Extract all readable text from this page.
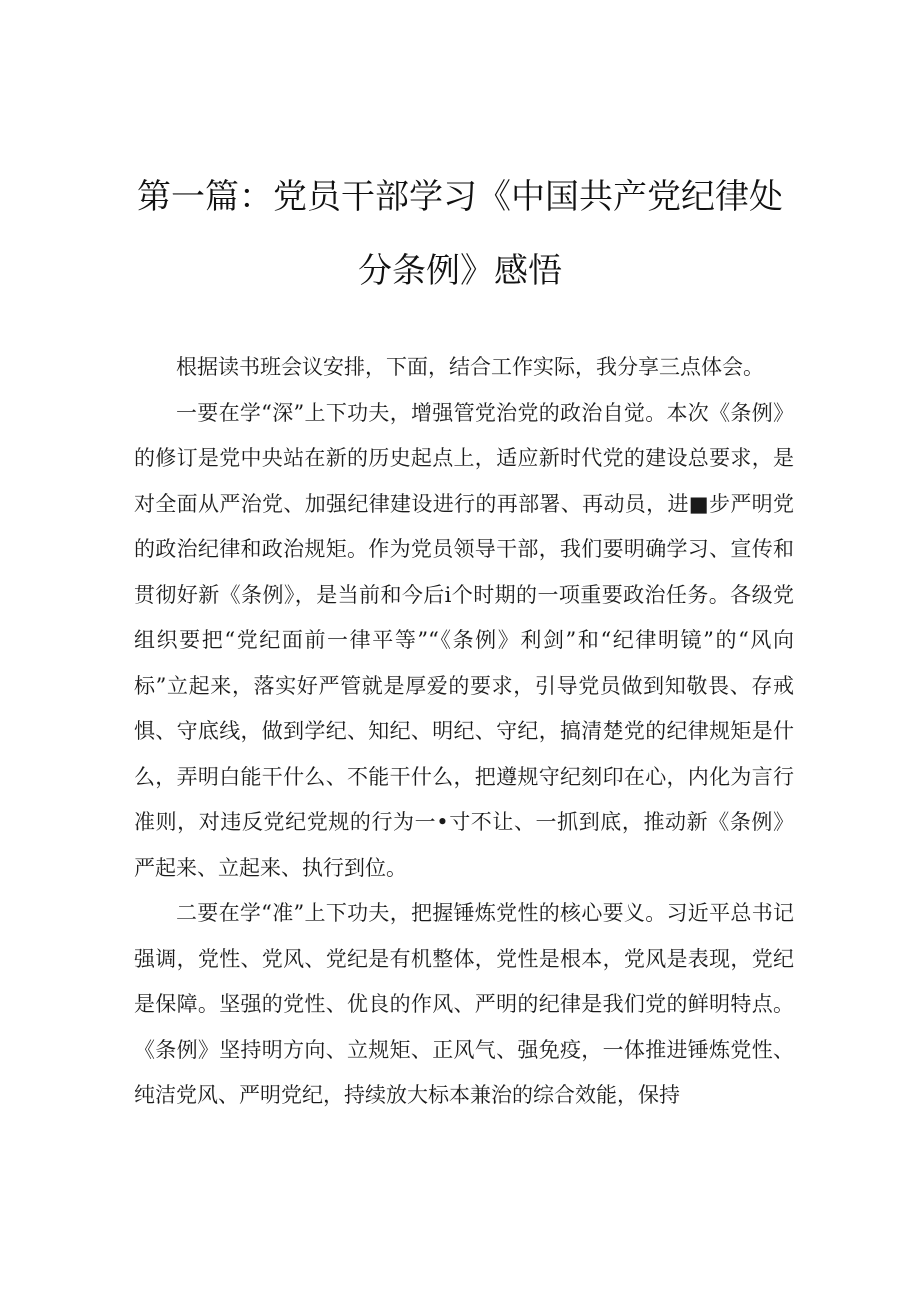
第一篇：党员干部学习《中国共产党纪律处
分条例》感悟

根据读书班会议安排，下面，结合工作实际，我分享三点体会。

一要在学“深”上下功夫，增强管党治党的政治自觉。本次《条例》的修订是党中央站在新的历史起点上，适应新时代党的建设总要求，是对全面从严治党、加强纪律建设进行的再部署、再动员，进■步严明党的政治纪律和政治规矩。作为党员领导干部，我们要明确学习、宣传和贯彻好新《条例》，是当前和今后i个时期的一项重要政治任务。各级党组织要把“党纪面前一律平等”“《条例》利剑”和“纪律明镜”的“风向标”立起来，落实好严管就是厚爱的要求，引导党员做到知敬畏、存戒惧、守底线，做到学纪、知纪、明纪、守纪，搞清楚党的纪律规矩是什么，弄明白能干什么、不能干什么，把遵规守纪刻印在心，内化为言行准则，对违反党纪党规的行为一•寸不让、一抓到底，推动新《条例》严起来、立起来、执行到位。

二要在学“准”上下功夫，把握锤炼党性的核心要义。习近平总书记强调，党性、党风、党纪是有机整体，党性是根本，党风是表现，党纪是保障。坚强的党性、优良的作风、严明的纪律是我们党的鲜明特点。《条例》坚持明方向、立规矩、正风气、强免疫，一体推进锤炼党性、纯洁党风、严明党纪，持续放大标本兼治的综合效能，保持
